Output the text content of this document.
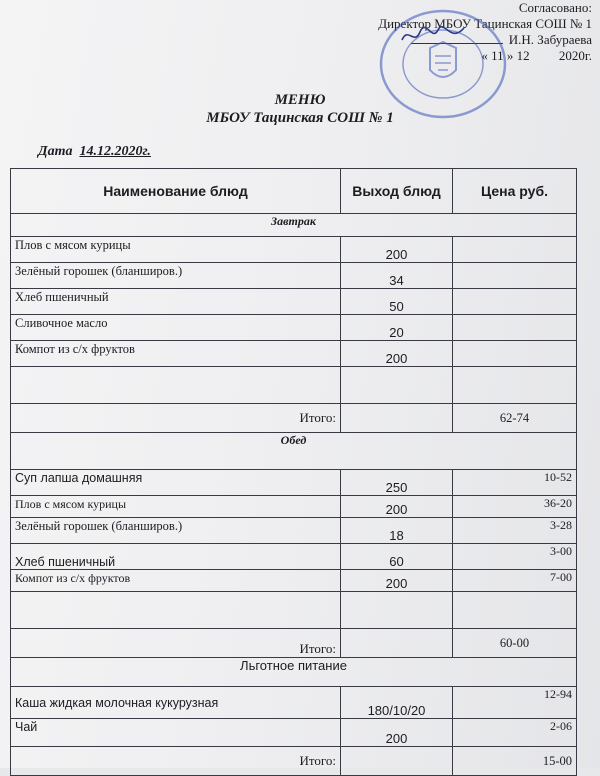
Согласовано:
Директор МБОУ Тацинская СОШ № 1
И.Н. Забураева
« 11 » 12 2020г.
МЕНЮ
МБОУ Тацинская СОШ № 1
Дата 14.12.2020г.
Наименование блюд	Выход блюд	Цена руб.
Завтрак		
Плов с мясом курицы	200	
Зелёный горошек (бланширов.)	34	
Хлеб пшеничный	50	
Сливочное масло	20	
Компот из с/х фруктов	200	

Итого:		62-74
Обед		
Суп лапша домашняя	250	10-52
Плов с мясом курицы	200	36-20
Зелёный горошек (бланширов.)	18	3-28
Хлеб пшеничный	60	3-00
Компот из с/х фруктов	200	7-00

Итого:		60-00
Льготное питание		
Каша жидкая молочная кукурузная	180/10/20	12-94
Чай	200	2-06
Итого:		15-00
